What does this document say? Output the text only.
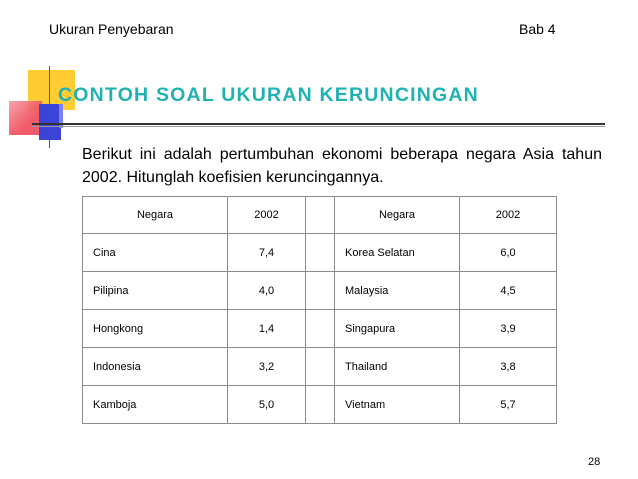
Ukuran Penyebaran	Bab 4
CONTOH SOAL UKURAN KERUNCINGAN
Berikut ini adalah pertumbuhan ekonomi beberapa negara Asia tahun 2002. Hitunglah koefisien keruncingannya.
Negara	2002		Negara	2002
Cina	7,4		Korea Selatan	6,0
Pilipina	4,0		Malaysia	4,5
Hongkong	1,4		Singapura	3,9
Indonesia	3,2		Thailand	3,8
Kamboja	5,0		Vietnam	5,7
28
